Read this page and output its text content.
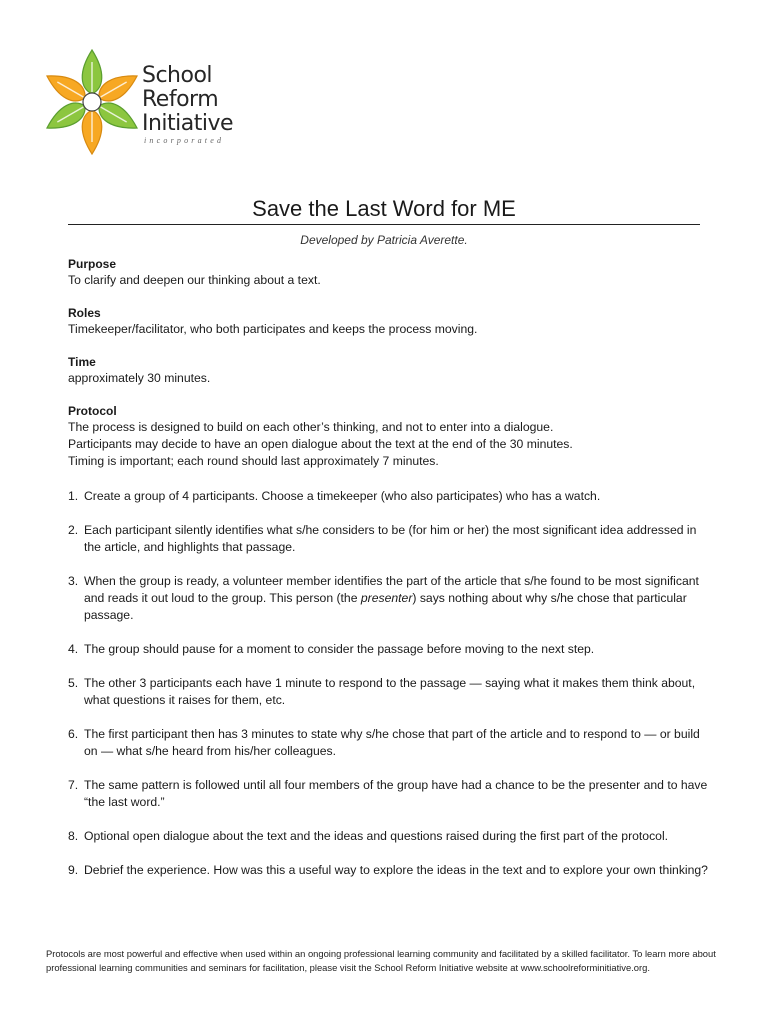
School
Reform
Initiative
incorporated
Save the Last Word for ME
Developed by Patricia Averette.
Purpose
To clarify and deepen our thinking about a text.
Roles
Timekeeper/facilitator, who both participates and keeps the process moving.
Time
approximately 30 minutes.
Protocol
The process is designed to build on each other’s thinking, and not to enter into a dialogue.
Participants may decide to have an open dialogue about the text at the end of the 30 minutes.
Timing is important; each round should last approximately 7 minutes.
1. Create a group of 4 participants. Choose a timekeeper (who also participates) who has a watch.
2. Each participant silently identifies what s/he considers to be (for him or her) the most significant idea addressed in the article, and highlights that passage.
3. When the group is ready, a volunteer member identifies the part of the article that s/he found to be most significant and reads it out loud to the group. This person (the presenter) says nothing about why s/he chose that particular passage.
4. The group should pause for a moment to consider the passage before moving to the next step.
5. The other 3 participants each have 1 minute to respond to the passage — saying what it makes them think about, what questions it raises for them, etc.
6. The first participant then has 3 minutes to state why s/he chose that part of the article and to respond to — or build on — what s/he heard from his/her colleagues.
7. The same pattern is followed until all four members of the group have had a chance to be the presenter and to have “the last word.”
8. Optional open dialogue about the text and the ideas and questions raised during the first part of the protocol.
9. Debrief the experience. How was this a useful way to explore the ideas in the text and to explore your own thinking?
Protocols are most powerful and effective when used within an ongoing professional learning community and facilitated by a skilled facilitator. To learn more about professional learning communities and seminars for facilitation, please visit the School Reform Initiative website at www.schoolreforminitiative.org.
